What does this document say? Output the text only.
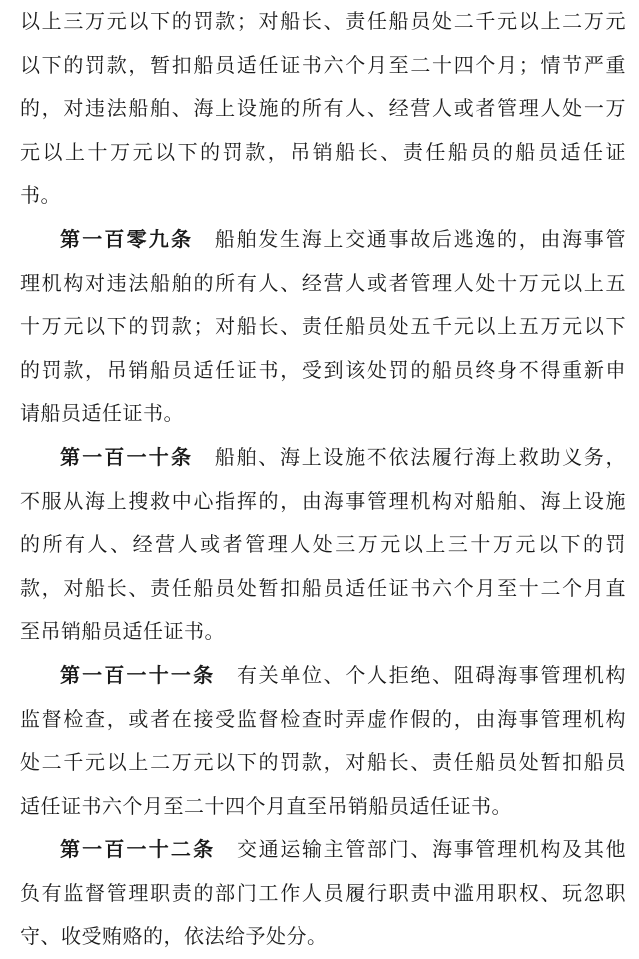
以上三万元以下的罚款；对船长、责任船员处二千元以上二万元
以下的罚款，暂扣船员适任证书六个月至二十四个月；情节严重
的，对违法船舶、海上设施的所有人、经营人或者管理人处一万
元以上十万元以下的罚款，吊销船长、责任船员的船员适任证
书。
第一百零九条　 船舶发生海上交通事故后逃逸的，由海事管
理机构对违法船舶的所有人、经营人或者管理人处十万元以上五
十万元以下的罚款；对船长、责任船员处五千元以上五万元以下
的罚款，吊销船员适任证书，受到该处罚的船员终身不得重新申
请船员适任证书。
第一百一十条　 船舶、海上设施不依法履行海上救助义务，
不服从海上搜救中心指挥的，由海事管理机构对船舶、海上设施
的所有人、经营人或者管理人处三万元以上三十万元以下的罚
款，对船长、责任船员处暂扣船员适任证书六个月至十二个月直
至吊销船员适任证书。
第一百一十一条　 有关单位、个人拒绝、阻碍海事管理机构
监督检查，或者在接受监督检查时弄虚作假的，由海事管理机构
处二千元以上二万元以下的罚款，对船长、责任船员处暂扣船员
适任证书六个月至二十四个月直至吊销船员适任证书。
第一百一十二条　 交通运输主管部门、海事管理机构及其他
负有监督管理职责的部门工作人员履行职责中滥用职权、玩忽职
守、收受贿赂的，依法给予处分。
